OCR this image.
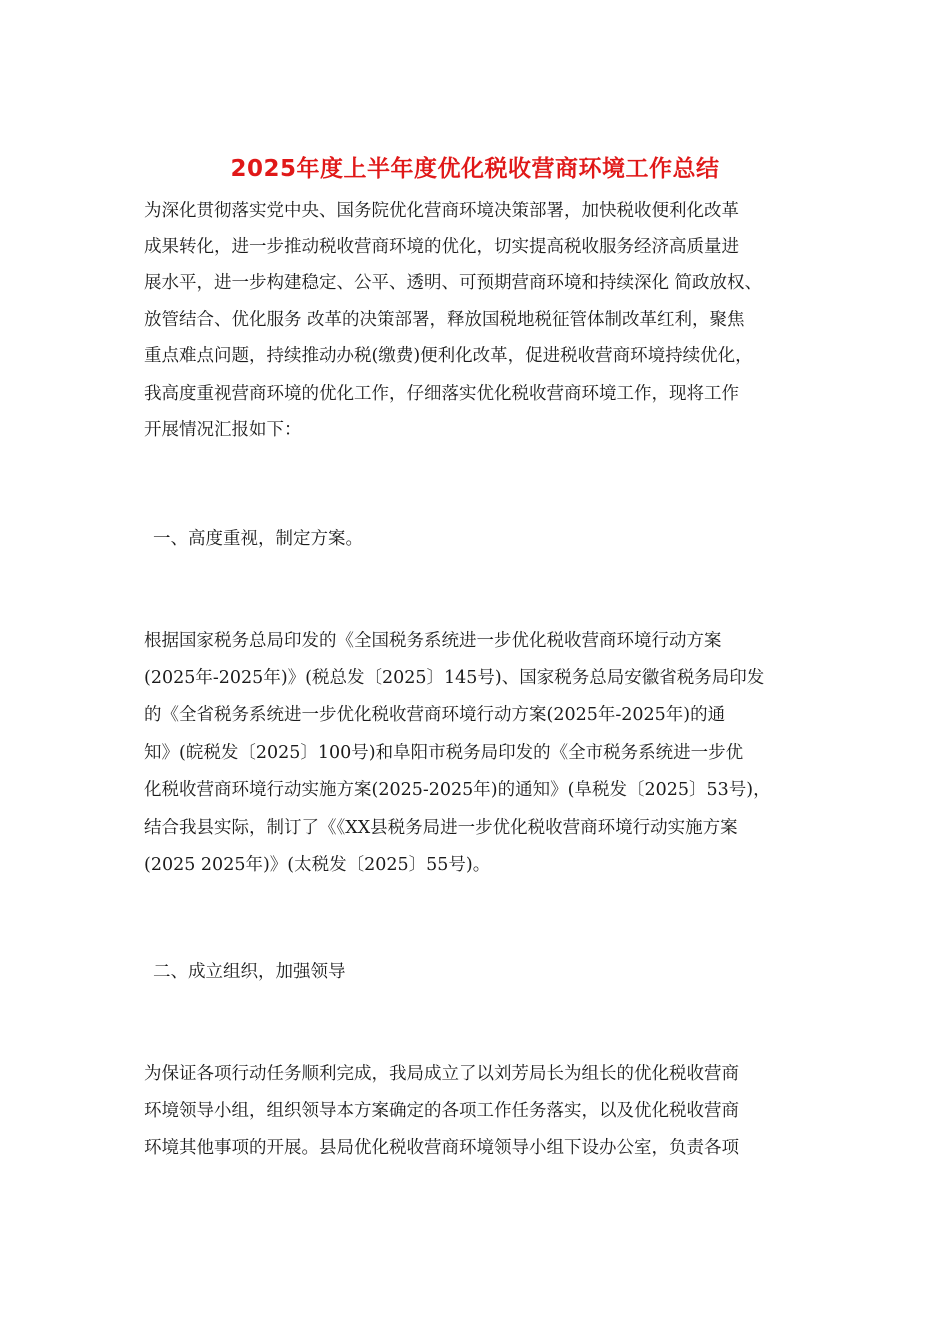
2025年度上半年度优化税收营商环境工作总结
为深化贯彻落实党中央、国务院优化营商环境决策部署，加快税收便利化改革
成果转化，进一步推动税收营商环境的优化，切实提高税收服务经济高质量进
展水平，进一步构建稳定、公平、透明、可预期营商环境和持续深化 简政放权、
放管结合、优化服务 改革的决策部署，释放国税地税征管体制改革红利，聚焦
重点难点问题，持续推动办税(缴费)便利化改革，促进税收营商环境持续优化，
我高度重视营商环境的优化工作，仔细落实优化税收营商环境工作，现将工作
开展情况汇报如下：
一、高度重视，制定方案。
根据国家税务总局印发的《全国税务系统进一步优化税收营商环境行动方案
(2025年-2025年)》(税总发〔2025〕145号)、国家税务总局安徽省税务局印发
的《全省税务系统进一步优化税收营商环境行动方案(2025年-2025年)的通
知》(皖税发〔2025〕100号)和阜阳市税务局印发的《全市税务系统进一步优
化税收营商环境行动实施方案(2025-2025年)的通知》(阜税发〔2025〕53号)，
结合我县实际，制订了《《XX县税务局进一步优化税收营商环境行动实施方案
(2025 2025年)》(太税发〔2025〕55号)。
二、成立组织，加强领导
为保证各项行动任务顺利完成，我局成立了以刘芳局长为组长的优化税收营商
环境领导小组，组织领导本方案确定的各项工作任务落实，以及优化税收营商
环境其他事项的开展。县局优化税收营商环境领导小组下设办公室，负责各项
